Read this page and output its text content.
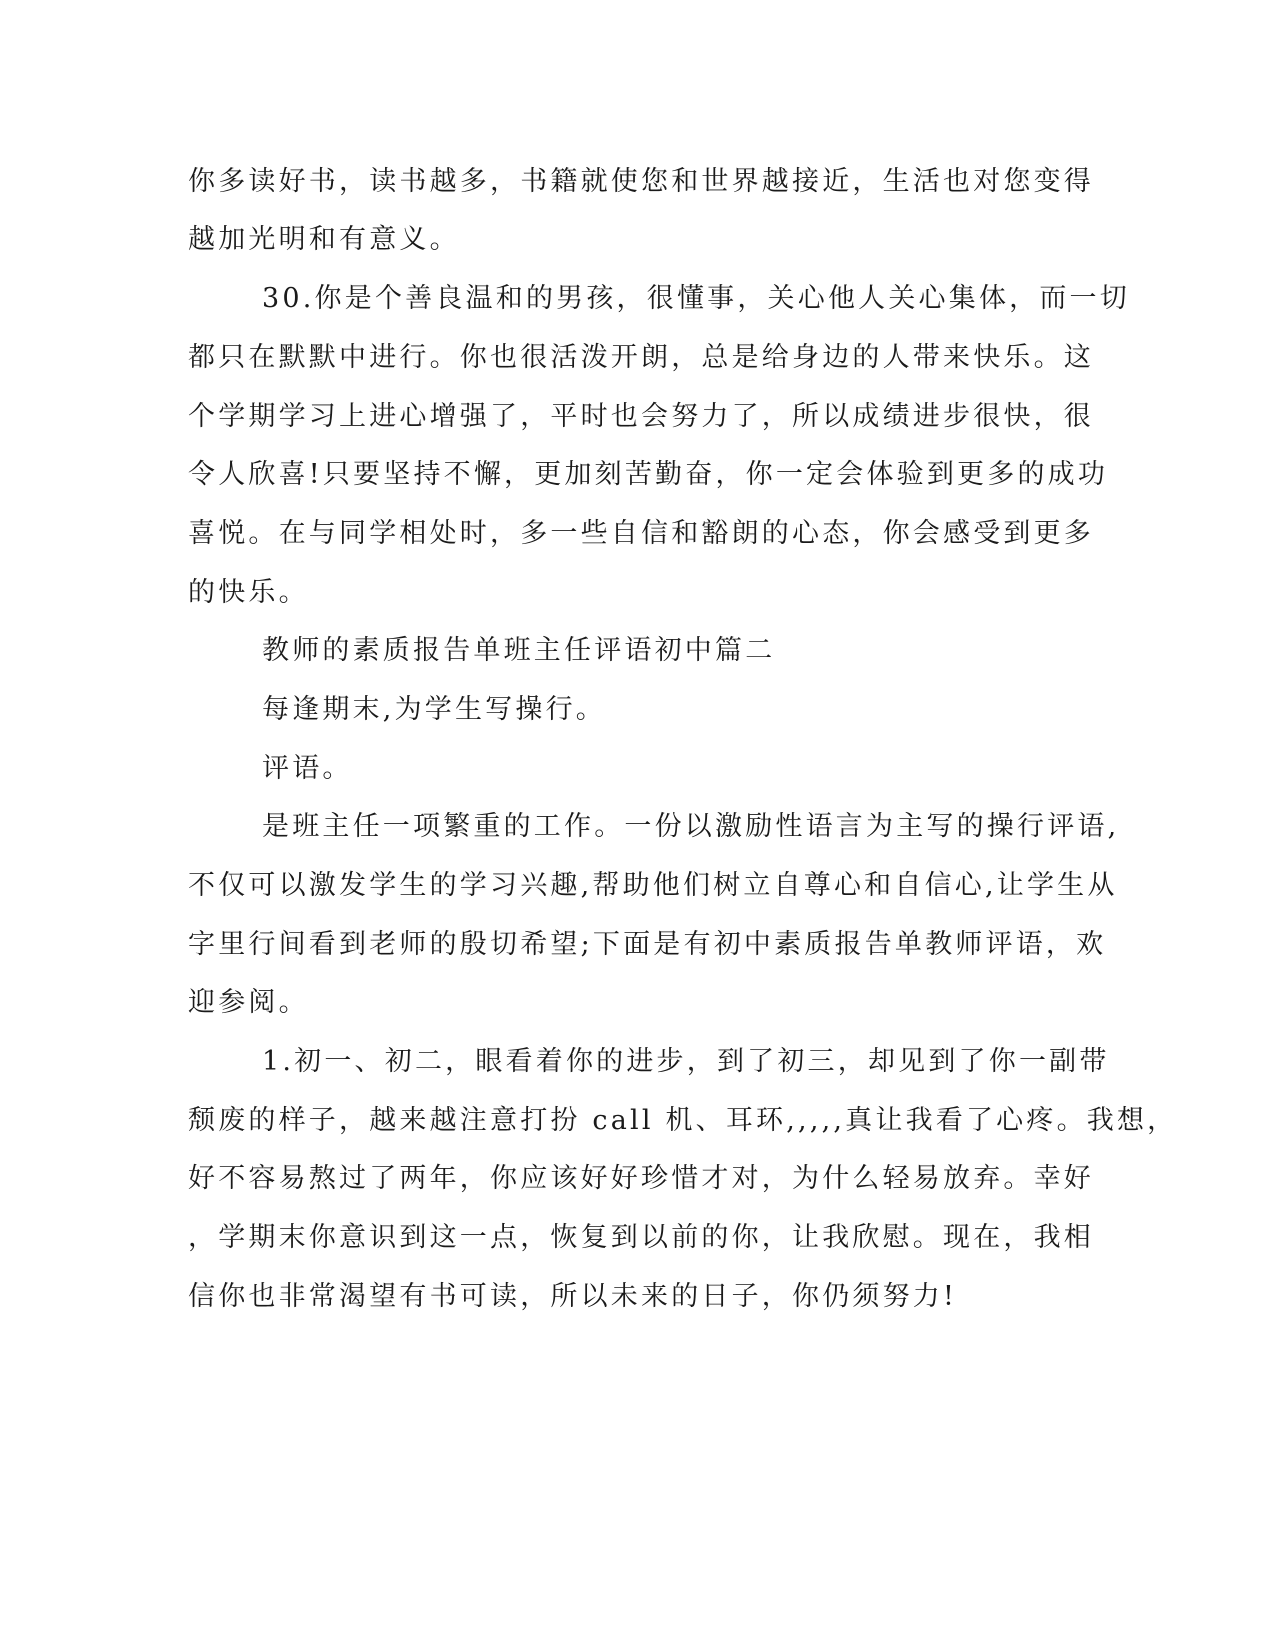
你多读好书，读书越多，书籍就使您和世界越接近，生活也对您变得
越加光明和有意义。
30.你是个善良温和的男孩，很懂事，关心他人关心集体，而一切
都只在默默中进行。你也很活泼开朗，总是给身边的人带来快乐。这
个学期学习上进心增强了，平时也会努力了，所以成绩进步很快，很
令人欣喜!只要坚持不懈，更加刻苦勤奋，你一定会体验到更多的成功
喜悦。在与同学相处时，多一些自信和豁朗的心态，你会感受到更多
的快乐。
教师的素质报告单班主任评语初中篇二
每逢期末,为学生写操行。
评语。
是班主任一项繁重的工作。一份以激励性语言为主写的操行评语,
不仅可以激发学生的学习兴趣,帮助他们树立自尊心和自信心,让学生从
字里行间看到老师的殷切希望;下面是有初中素质报告单教师评语，欢
迎参阅。
1.初一、初二，眼看着你的进步，到了初三，却见到了你一副带
颓废的样子，越来越注意打扮 call 机、耳环,,,,,真让我看了心疼。我想，
好不容易熬过了两年，你应该好好珍惜才对，为什么轻易放弃。幸好
，学期末你意识到这一点，恢复到以前的你，让我欣慰。现在，我相
信你也非常渴望有书可读，所以未来的日子，你仍须努力!
